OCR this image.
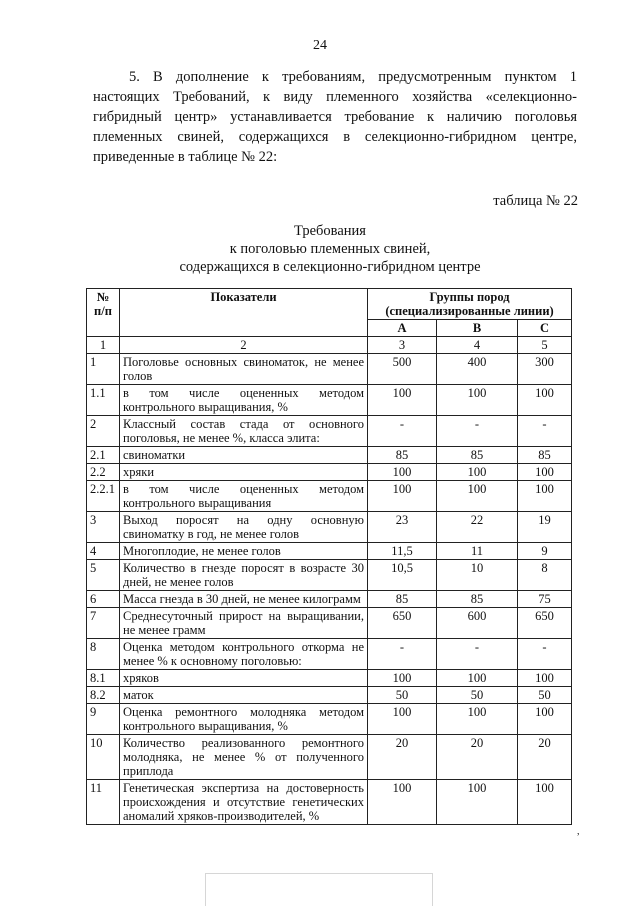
24

5. В дополнение к требованиям, предусмотренным пунктом 1 настоящих Требований, к виду племенного хозяйства «селекционно-гибридный центр» устанавливается требование к наличию поголовья племенных свиней, содержащихся в селекционно-гибридном центре, приведенные в таблице № 22:

таблица № 22
Требования
к поголовью племенных свиней,
содержащихся в селекционно-гибридном центре
№ п/п	Показатели	Группы пород (специализированные линии)		
		А	В	С
1	2	3	4	5
1	Поголовье основных свиноматок, не менее голов	500	400	300
1.1	в том числе оцененных методом контрольного выращивания, %	100	100	100
2	Классный состав стада от основного поголовья, не менее %, класса элита:	-	-	-
2.1	свиноматки	85	85	85
2.2	хряки	100	100	100
2.2.1	в том числе оцененных методом контрольного выращивания	100	100	100
3	Выход поросят на одну основную свиноматку в год, не менее голов	23	22	19
4	Многоплодие, не менее голов	11,5	11	9
5	Количество в гнезде поросят в возрасте 30 дней, не менее голов	10,5	10	8
6	Масса гнезда в 30 дней, не менее килограмм	85	85	75
7	Среднесуточный прирост на выращивании, не менее грамм	650	600	650
8	Оценка методом контрольного откорма не менее % к основному поголовью:	-	-	-
8.1	хряков	100	100	100
8.2	маток	50	50	50
9	Оценка ремонтного молодняка методом контрольного выращивания, %	100	100	100
10	Количество реализованного ремонтного молодняка, не менее % от полученного приплода	20	20	20
11	Генетическая экспертиза на достоверность происхождения и отсутствие генетических аномалий хряков-производителей, %	100	100	100
,
